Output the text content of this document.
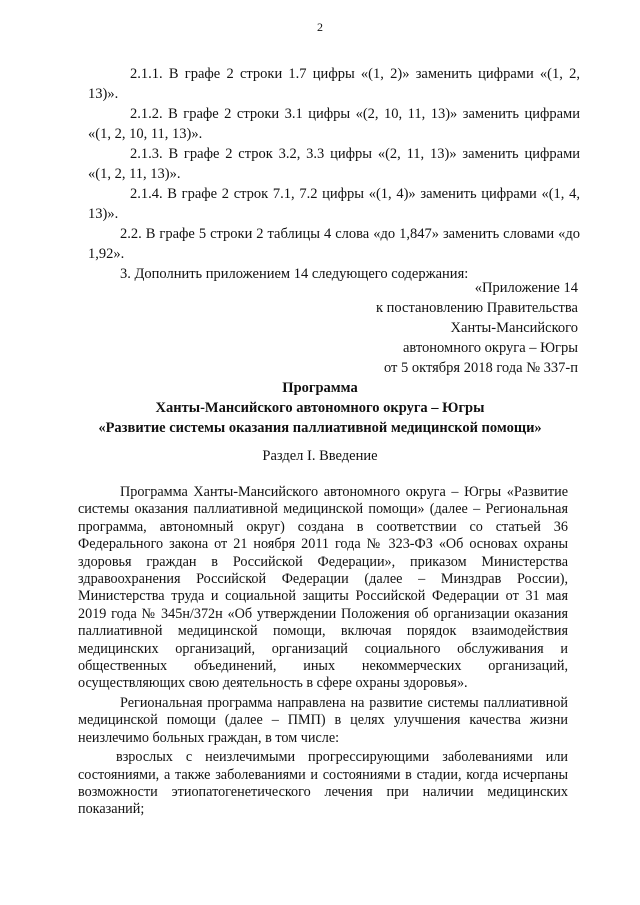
2

2.1.1. В графе 2 строки 1.7 цифры «(1, 2)» заменить цифрами «(1, 2, 13)».

2.1.2. В графе 2 строки 3.1 цифры «(2, 10, 11, 13)» заменить цифрами «(1, 2, 10, 11, 13)».

2.1.3. В графе 2 строк 3.2, 3.3 цифры «(2, 11, 13)» заменить цифрами «(1, 2, 11, 13)».

2.1.4. В графе 2 строк 7.1, 7.2 цифры «(1, 4)» заменить цифрами «(1, 4, 13)».

2.2. В графе 5 строки 2 таблицы 4 слова «до 1,847» заменить словами «до 1,92».

3. Дополнить приложением 14 следующего содержания:

«Приложение 14
к постановлению Правительства
Ханты-Мансийского
автономного округа – Югры
от 5 октября 2018 года № 337-п
Программа
Ханты-Мансийского автономного округа – Югры
«Развитие системы оказания паллиативной медицинской помощи»
Раздел I. Введение

Программа Ханты-Мансийского автономного округа – Югры «Развитие системы оказания паллиативной медицинской помощи» (далее – Региональная программа, автономный округ) создана в соответствии со статьей 36 Федерального закона от 21 ноября 2011 года № 323-ФЗ «Об основах охраны здоровья граждан в Российской Федерации», приказом Министерства здравоохранения Российской Федерации (далее – Минздрав России), Министерства труда и социальной защиты Российской Федерации от 31 мая 2019 года № 345н/372н «Об утверждении Положения об организации оказания паллиативной медицинской помощи, включая порядок взаимодействия медицинских организаций, организаций социального обслуживания и общественных объединений, иных некоммерческих организаций, осуществляющих свою деятельность в сфере охраны здоровья».

Региональная программа направлена на развитие системы паллиативной медицинской помощи (далее – ПМП) в целях улучшения качества жизни неизлечимо больных граждан, в том числе:

взрослых с неизлечимыми прогрессирующими заболеваниями или состояниями, а также заболеваниями и состояниями в стадии, когда исчерпаны возможности этиопатогенетического лечения при наличии медицинских показаний;
